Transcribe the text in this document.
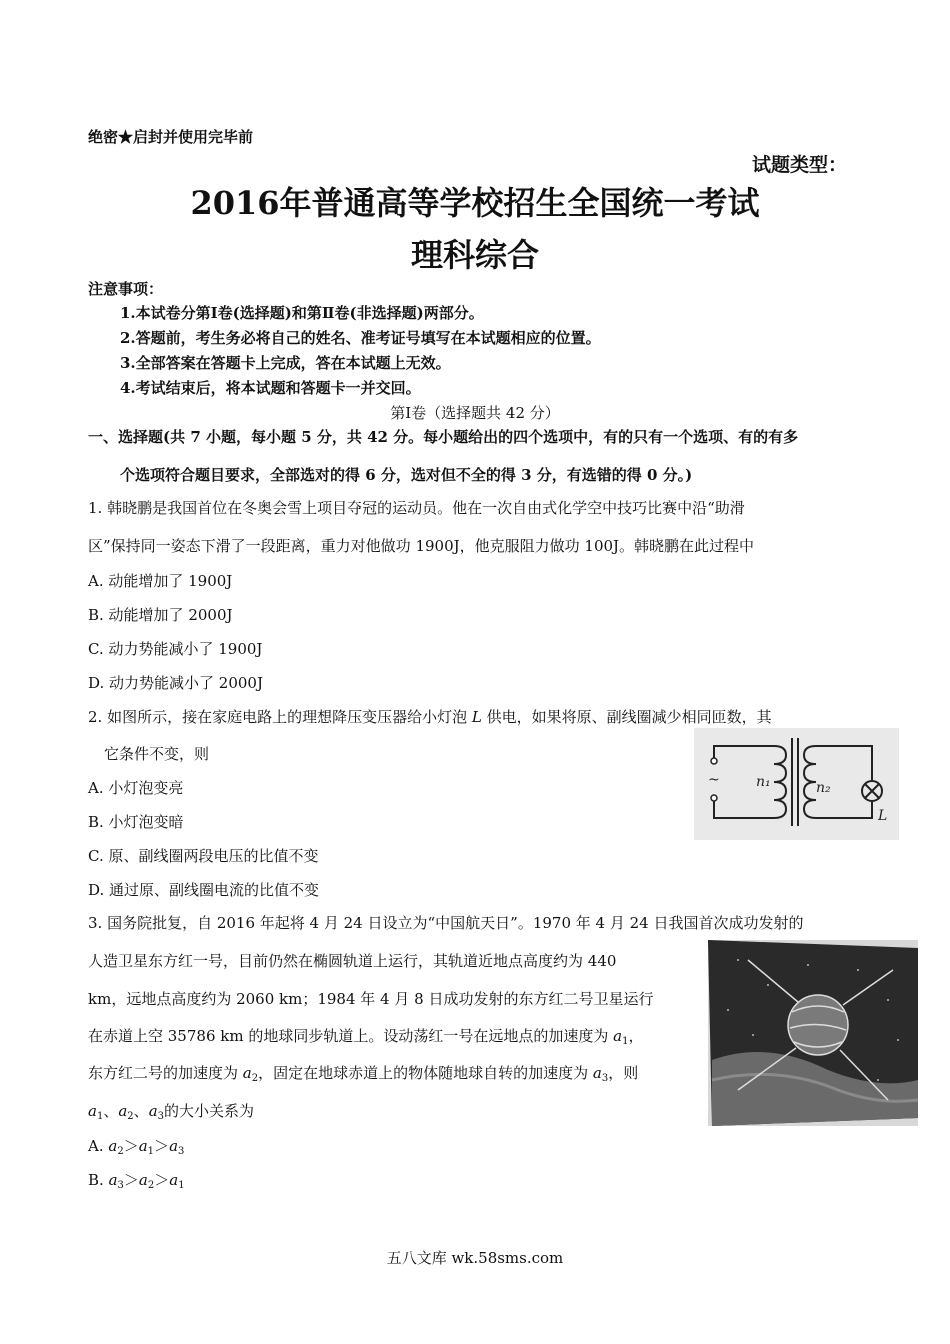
绝密★启封并使用完毕前
试题类型：
2016年普通高等学校招生全国统一考试
理科综合
注意事项：
1.本试卷分第Ⅰ卷(选择题)和第Ⅱ卷(非选择题)两部分。
2.答题前，考生务必将自己的姓名、准考证号填写在本试题相应的位置。
3.全部答案在答题卡上完成，答在本试题上无效。
4.考试结束后，将本试题和答题卡一并交回。
第Ⅰ卷（选择题共 42 分）
一、选择题(共 7 小题，每小题 5 分，共 42 分。每小题给出的四个选项中，有的只有一个选项、有的有多
个选项符合题目要求，全部选对的得 6 分，选对但不全的得 3 分，有选错的得 0 分。)
1. 韩晓鹏是我国首位在冬奥会雪上项目夺冠的运动员。他在一次自由式化学空中技巧比赛中沿“助滑
区”保持同一姿态下滑了一段距离，重力对他做功 1900J，他克服阻力做功 100J。韩晓鹏在此过程中
A. 动能增加了 1900J
B. 动能增加了 2000J
C. 动力势能减小了 1900J
D. 动力势能减小了 2000J
2. 如图所示，接在家庭电路上的理想降压变压器给小灯泡 L 供电，如果将原、副线圈减少相同匝数，其
它条件不变，则
A. 小灯泡变亮
B. 小灯泡变暗
C. 原、副线圈两段电压的比值不变
D. 通过原、副线圈电流的比值不变
~	n₁	n₂
L
3. 国务院批复，自 2016 年起将 4 月 24 日设立为“中国航天日”。1970 年 4 月 24 日我国首次成功发射的
人造卫星东方红一号，目前仍然在椭圆轨道上运行，其轨道近地点高度约为 440
km，远地点高度约为 2060 km；1984 年 4 月 8 日成功发射的东方红二号卫星运行
在赤道上空 35786 km 的地球同步轨道上。设动荡红一号在远地点的加速度为 $a_1$，
东方红二号的加速度为 $a_2$，固定在地球赤道上的物体随地球自转的加速度为 $a_3$，则
$a_1$、$a_2$、$a_3$的大小关系为
A. $a_2>a_1>a_3$
B. $a_3>a_2>a_1$
五八文库 wk.58sms.com
